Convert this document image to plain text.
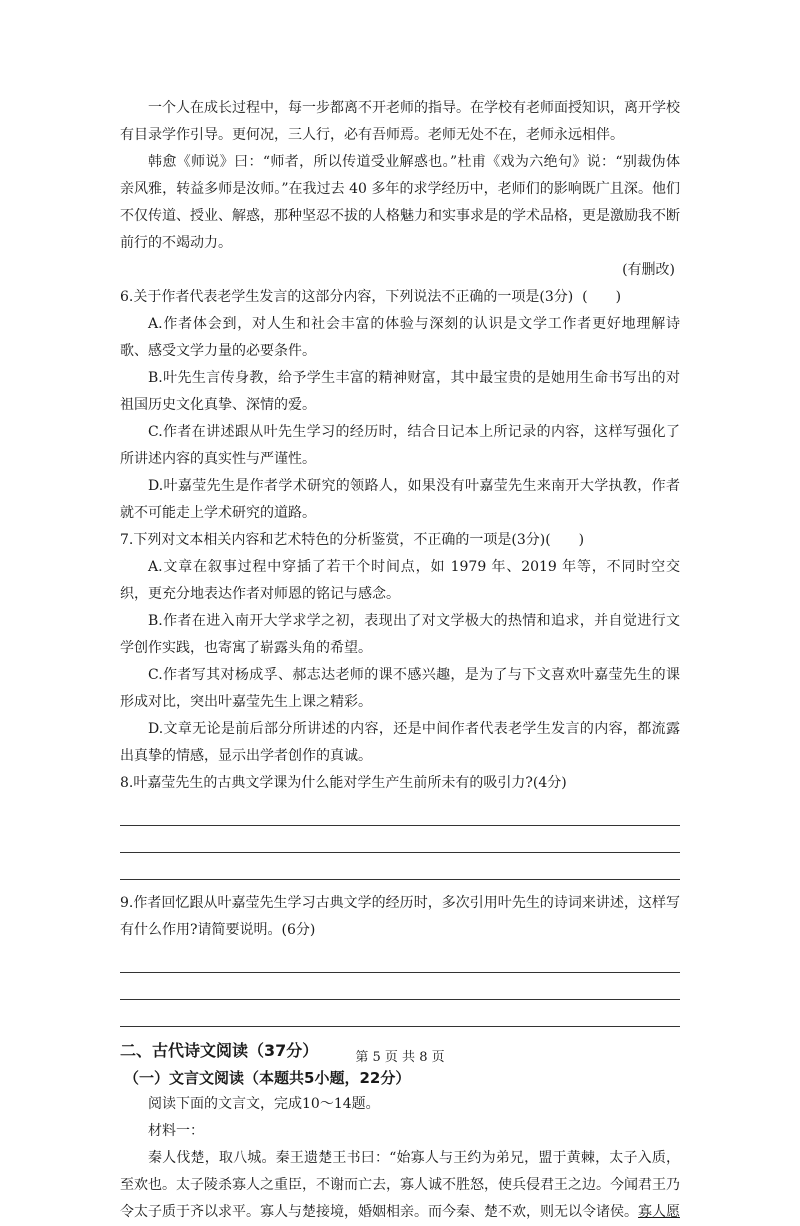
一个人在成长过程中，每一步都离不开老师的指导。在学校有老师面授知识，离开学校有目录学作引导。更何况，三人行，必有吾师焉。老师无处不在，老师永远相伴。

韩愈《师说》曰：“师者，所以传道受业解惑也。”杜甫《戏为六绝句》说：“别裁伪体亲风雅，转益多师是汝师。”在我过去 40 多年的求学经历中，老师们的影响既广且深。他们不仅传道、授业、解惑，那种坚忍不拔的人格魅力和实事求是的学术品格，更是激励我不断前行的不竭动力。

(有删改)

6.关于作者代表老学生发言的这部分内容，下列说法不正确的一项是(3分) ( )

A.作者体会到，对人生和社会丰富的体验与深刻的认识是文学工作者更好地理解诗歌、感受文学力量的必要条件。

B.叶先生言传身教，给予学生丰富的精神财富，其中最宝贵的是她用生命书写出的对祖国历史文化真挚、深情的爱。

C.作者在讲述跟从叶先生学习的经历时，结合日记本上所记录的内容，这样写强化了所讲述内容的真实性与严谨性。

D.叶嘉莹先生是作者学术研究的领路人，如果没有叶嘉莹先生来南开大学执教，作者就不可能走上学术研究的道路。

7.下列对文本相关内容和艺术特色的分析鉴赏，不正确的一项是(3分)( )

A.文章在叙事过程中穿插了若干个时间点，如 1979 年、2019 年等，不同时空交织，更充分地表达作者对师恩的铭记与感念。

B.作者在进入南开大学求学之初，表现出了对文学极大的热情和追求，并自觉进行文学创作实践，也寄寓了崭露头角的希望。

C.作者写其对杨成孚、郝志达老师的课不感兴趣，是为了与下文喜欢叶嘉莹先生的课形成对比，突出叶嘉莹先生上课之精彩。

D.文章无论是前后部分所讲述的内容，还是中间作者代表老学生发言的内容，都流露出真挚的情感，显示出学者创作的真诚。

8.叶嘉莹先生的古典文学课为什么能对学生产生前所未有的吸引力?(4分)

9.作者回忆跟从叶嘉莹先生学习古典文学的经历时，多次引用叶先生的诗词来讲述，这样写有什么作用?请简要说明。(6分)

二、古代诗文阅读（37分）

（一）文言文阅读（本题共5小题，22分）

阅读下面的文言文，完成10～14题。

材料一：

秦人伐楚，取八城。秦王遗楚王书曰：“始寡人与王约为弟兄，盟于黄棘，太子入质，至欢也。太子陵杀寡人之重臣，不谢而亡去，寡人诚不胜怒，使兵侵君王之边。今闻君王乃令太子质于齐以求平。寡人与楚接境，婚姻相亲。而今秦、楚不欢，则无以令诸侯。寡人愿

第 5 页 共 8 页
